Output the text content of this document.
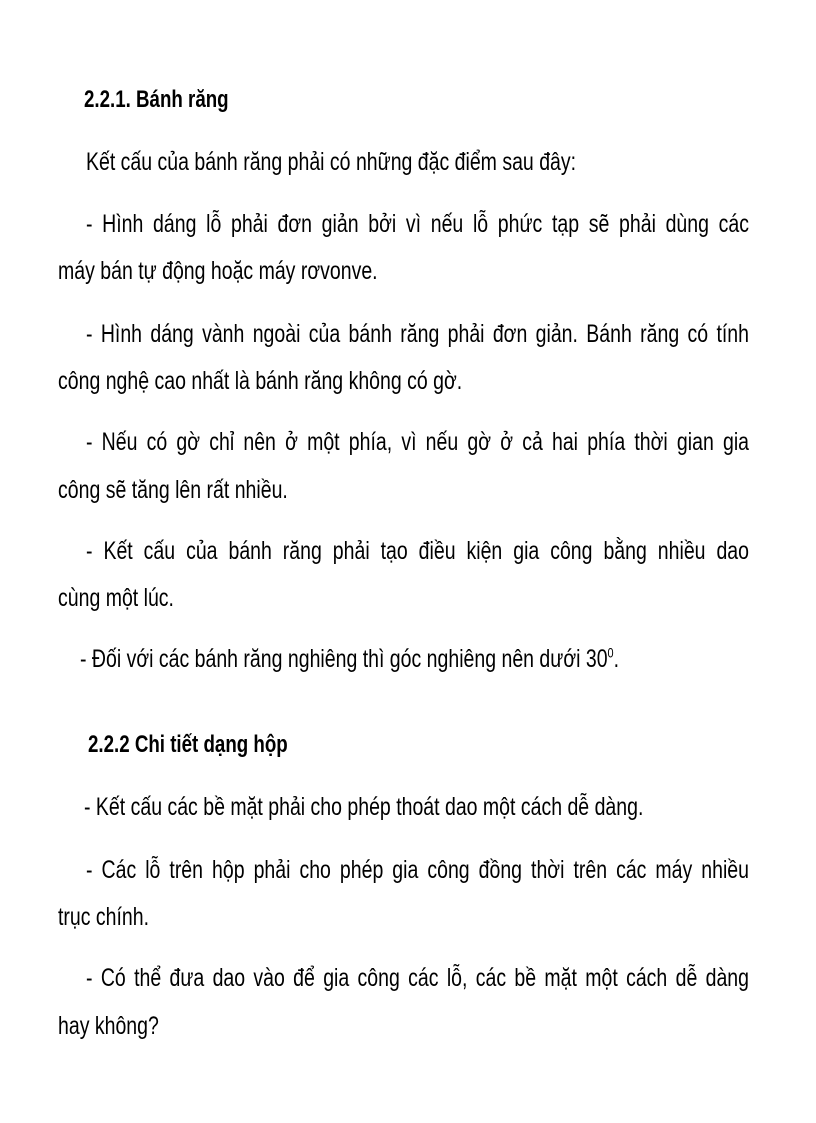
2.2.1. Bánh răng
Kết cấu của bánh răng phải có những đặc điểm sau đây:
- Hình dáng lỗ phải đơn giản bởi vì nếu lỗ phức tạp sẽ phải dùng các
máy bán tự động hoặc máy rơvonve.
- Hình dáng vành ngoài của bánh răng phải đơn giản. Bánh răng có tính
công nghệ cao nhất là bánh răng không có gờ.
- Nếu có gờ chỉ nên ở một phía, vì nếu gờ ở cả hai phía thời gian gia
công sẽ tăng lên rất nhiều.
- Kết cấu của bánh răng phải tạo điều kiện gia công bằng nhiều dao
cùng một lúc.
- Đối với các bánh răng nghiêng thì góc nghiêng nên dưới $30^0$.
2.2.2 Chi tiết dạng hộp
- Kết cấu các bề mặt phải cho phép thoát dao một cách dễ dàng.
- Các lỗ trên hộp phải cho phép gia công đồng thời trên các máy nhiều
trục chính.
- Có thể đưa dao vào để gia công các lỗ, các bề mặt một cách dễ dàng
hay không?
